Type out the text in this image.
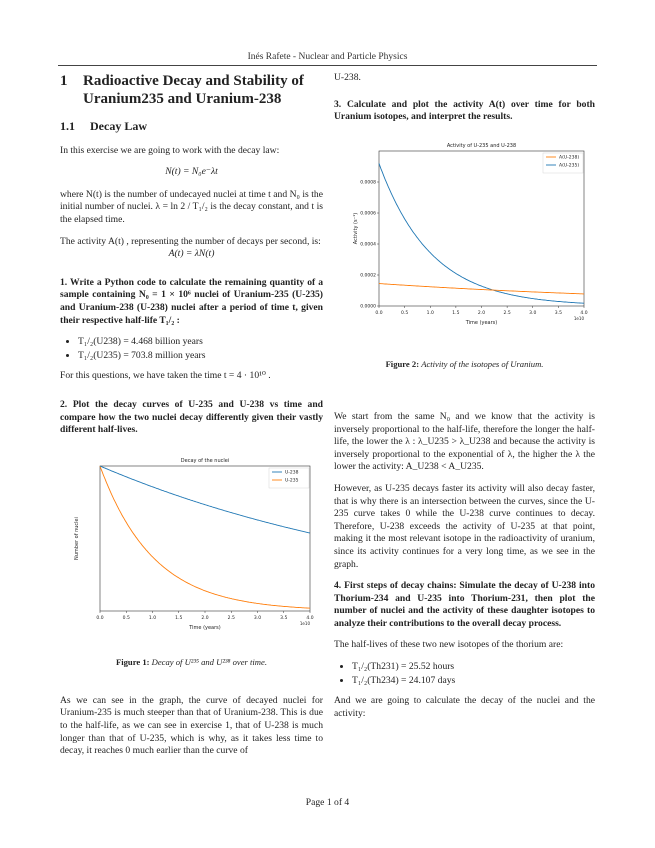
Inés Rafete - Nuclear and Particle Physics
1	Radioactive Decay and Stability of Uranium235 and Uranium-238
1.1	Decay Law

In this exercise we are going to work with the decay law:

N(t) = N₀e⁻λt

where N(t) is the number of undecayed nuclei at time t and N₀ is the initial number of nuclei. λ = ln 2 / T₁/₂ is the decay constant, and t is the elapsed time.

The activity A(t) , representing the number of decays per second, is:

A(t) = λN(t)
1. Write a Python code to calculate the remaining quantity of a sample containing N₀ = 1 × 10⁶ nuclei of Uranium-235 (U-235) and Uranium-238 (U-238) nuclei after a period of time t, given their respective half-life T₁/₂ :
• T₁/₂(U238) = 4.468 billion years
• T₁/₂(U235) = 703.8 million years

For this questions, we have taken the time t = 4 · 10¹⁰ .

2. Plot the decay curves of U-235 and U-238 vs time and compare how the two nuclei decay differently given their vastly different half-lives.
Decay of the nuclei
Time (years)
Number of nuclei
0.0	0.5	1.0	1.5	2.0	2.5	3.0	3.5	4.0
1e10
U-238
U-235
Figure 1: Decay of U²³⁵ and U²³⁸ over time.

As we can see in the graph, the curve of decayed nuclei for Uranium-235 is much steeper than that of Uranium-238. This is due to the half-life, as we can see in exercise 1, that of U-238 is much longer than that of U-235, which is why, as it takes less time to decay, it reaches 0 much earlier than the curve of

U-238.

3. Calculate and plot the activity A(t) over time for both Uranium isotopes, and interpret the results.
Activity of U-235 and U-238
Time (years)
Activity (s⁻¹)
0.0	0.5	1.0	1.5	2.0	2.5	3.0	3.5	4.0
1e10
0.0000
0.0002
0.0004
0.0006
0.0008
A(U-238)
A(U-235)
Figure 2: Activity of the isotopes of Uranium.

We start from the same N₀ and we know that the activity is inversely proportional to the half-life, therefore the longer the half-life, the lower the λ : λ_U235 > λ_U238 and because the activity is inversely proportional to the exponential of λ, the higher the λ the lower the activity: A_U238 < A_U235.

However, as U-235 decays faster its activity will also decay faster, that is why there is an intersection between the curves, since the U-235 curve takes 0 while the U-238 curve continues to decay. Therefore, U-238 exceeds the activity of U-235 at that point, making it the most relevant isotope in the radioactivity of uranium, since its activity continues for a very long time, as we see in the graph.

4. First steps of decay chains: Simulate the decay of U-238 into Thorium-234 and U-235 into Thorium-231, then plot the number of nuclei and the activity of these daughter isotopes to analyze their contributions to the overall decay process.

The half-lives of these two new isotopes of the thorium are:

• T₁/₂(Th231) = 25.52 hours
• T₁/₂(Th234) = 24.107 days

And we are going to calculate the decay of the nuclei and the activity:

Page 1 of 4
